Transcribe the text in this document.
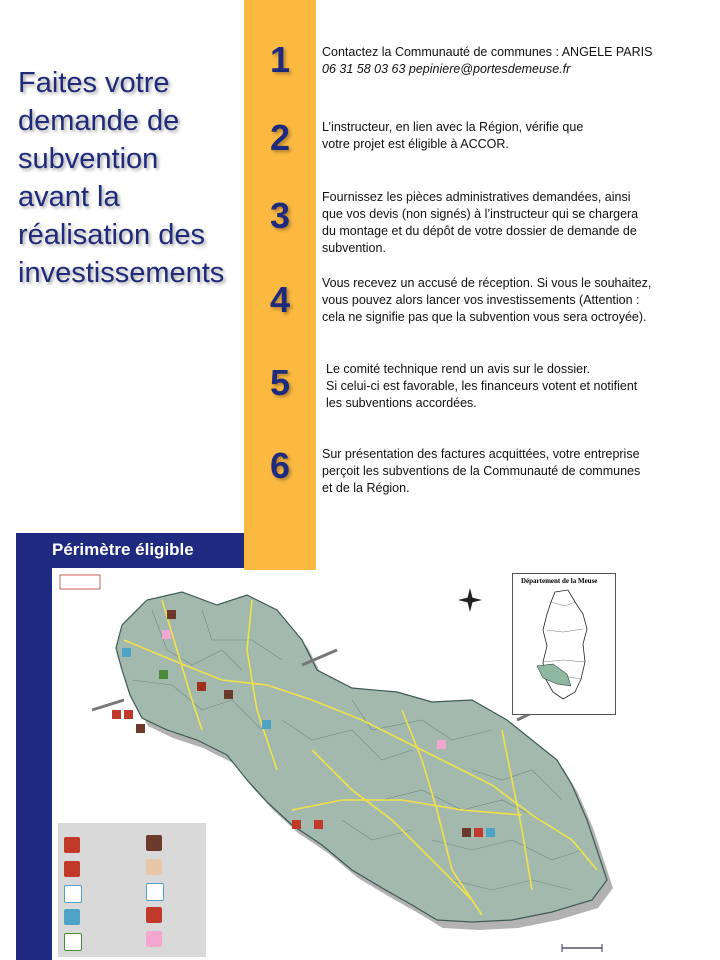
Faites votre
demande de
subvention
avant la
réalisation des
investissements
1
2
3
4
5
6
Contactez la Communauté de communes : ANGELE PARIS
06 31 58 03 63 pepiniere@portesdemeuse.fr
L’instructeur, en lien avec la Région, vérifie que
votre projet est éligible à ACCOR.
Fournissez les pièces administratives demandées, ainsi
que vos devis (non signés) à l’instructeur qui se chargera
du montage et du dépôt de votre dossier de demande de
subvention.
Vous recevez un accusé de réception. Si vous le souhaitez,
vous pouvez alors lancer vos investissements (Attention :
cela ne signifie pas que la subvention vous sera octroyée).
Le comité technique rend un avis sur le dossier.
Si celui-ci est favorable, les financeurs votent et notifient
les subventions accordées.
Sur présentation des factures acquittées, votre entreprise
perçoit les subventions de la Communauté de communes
et de la Région.
Périmètre éligible
Département de la Meuse
